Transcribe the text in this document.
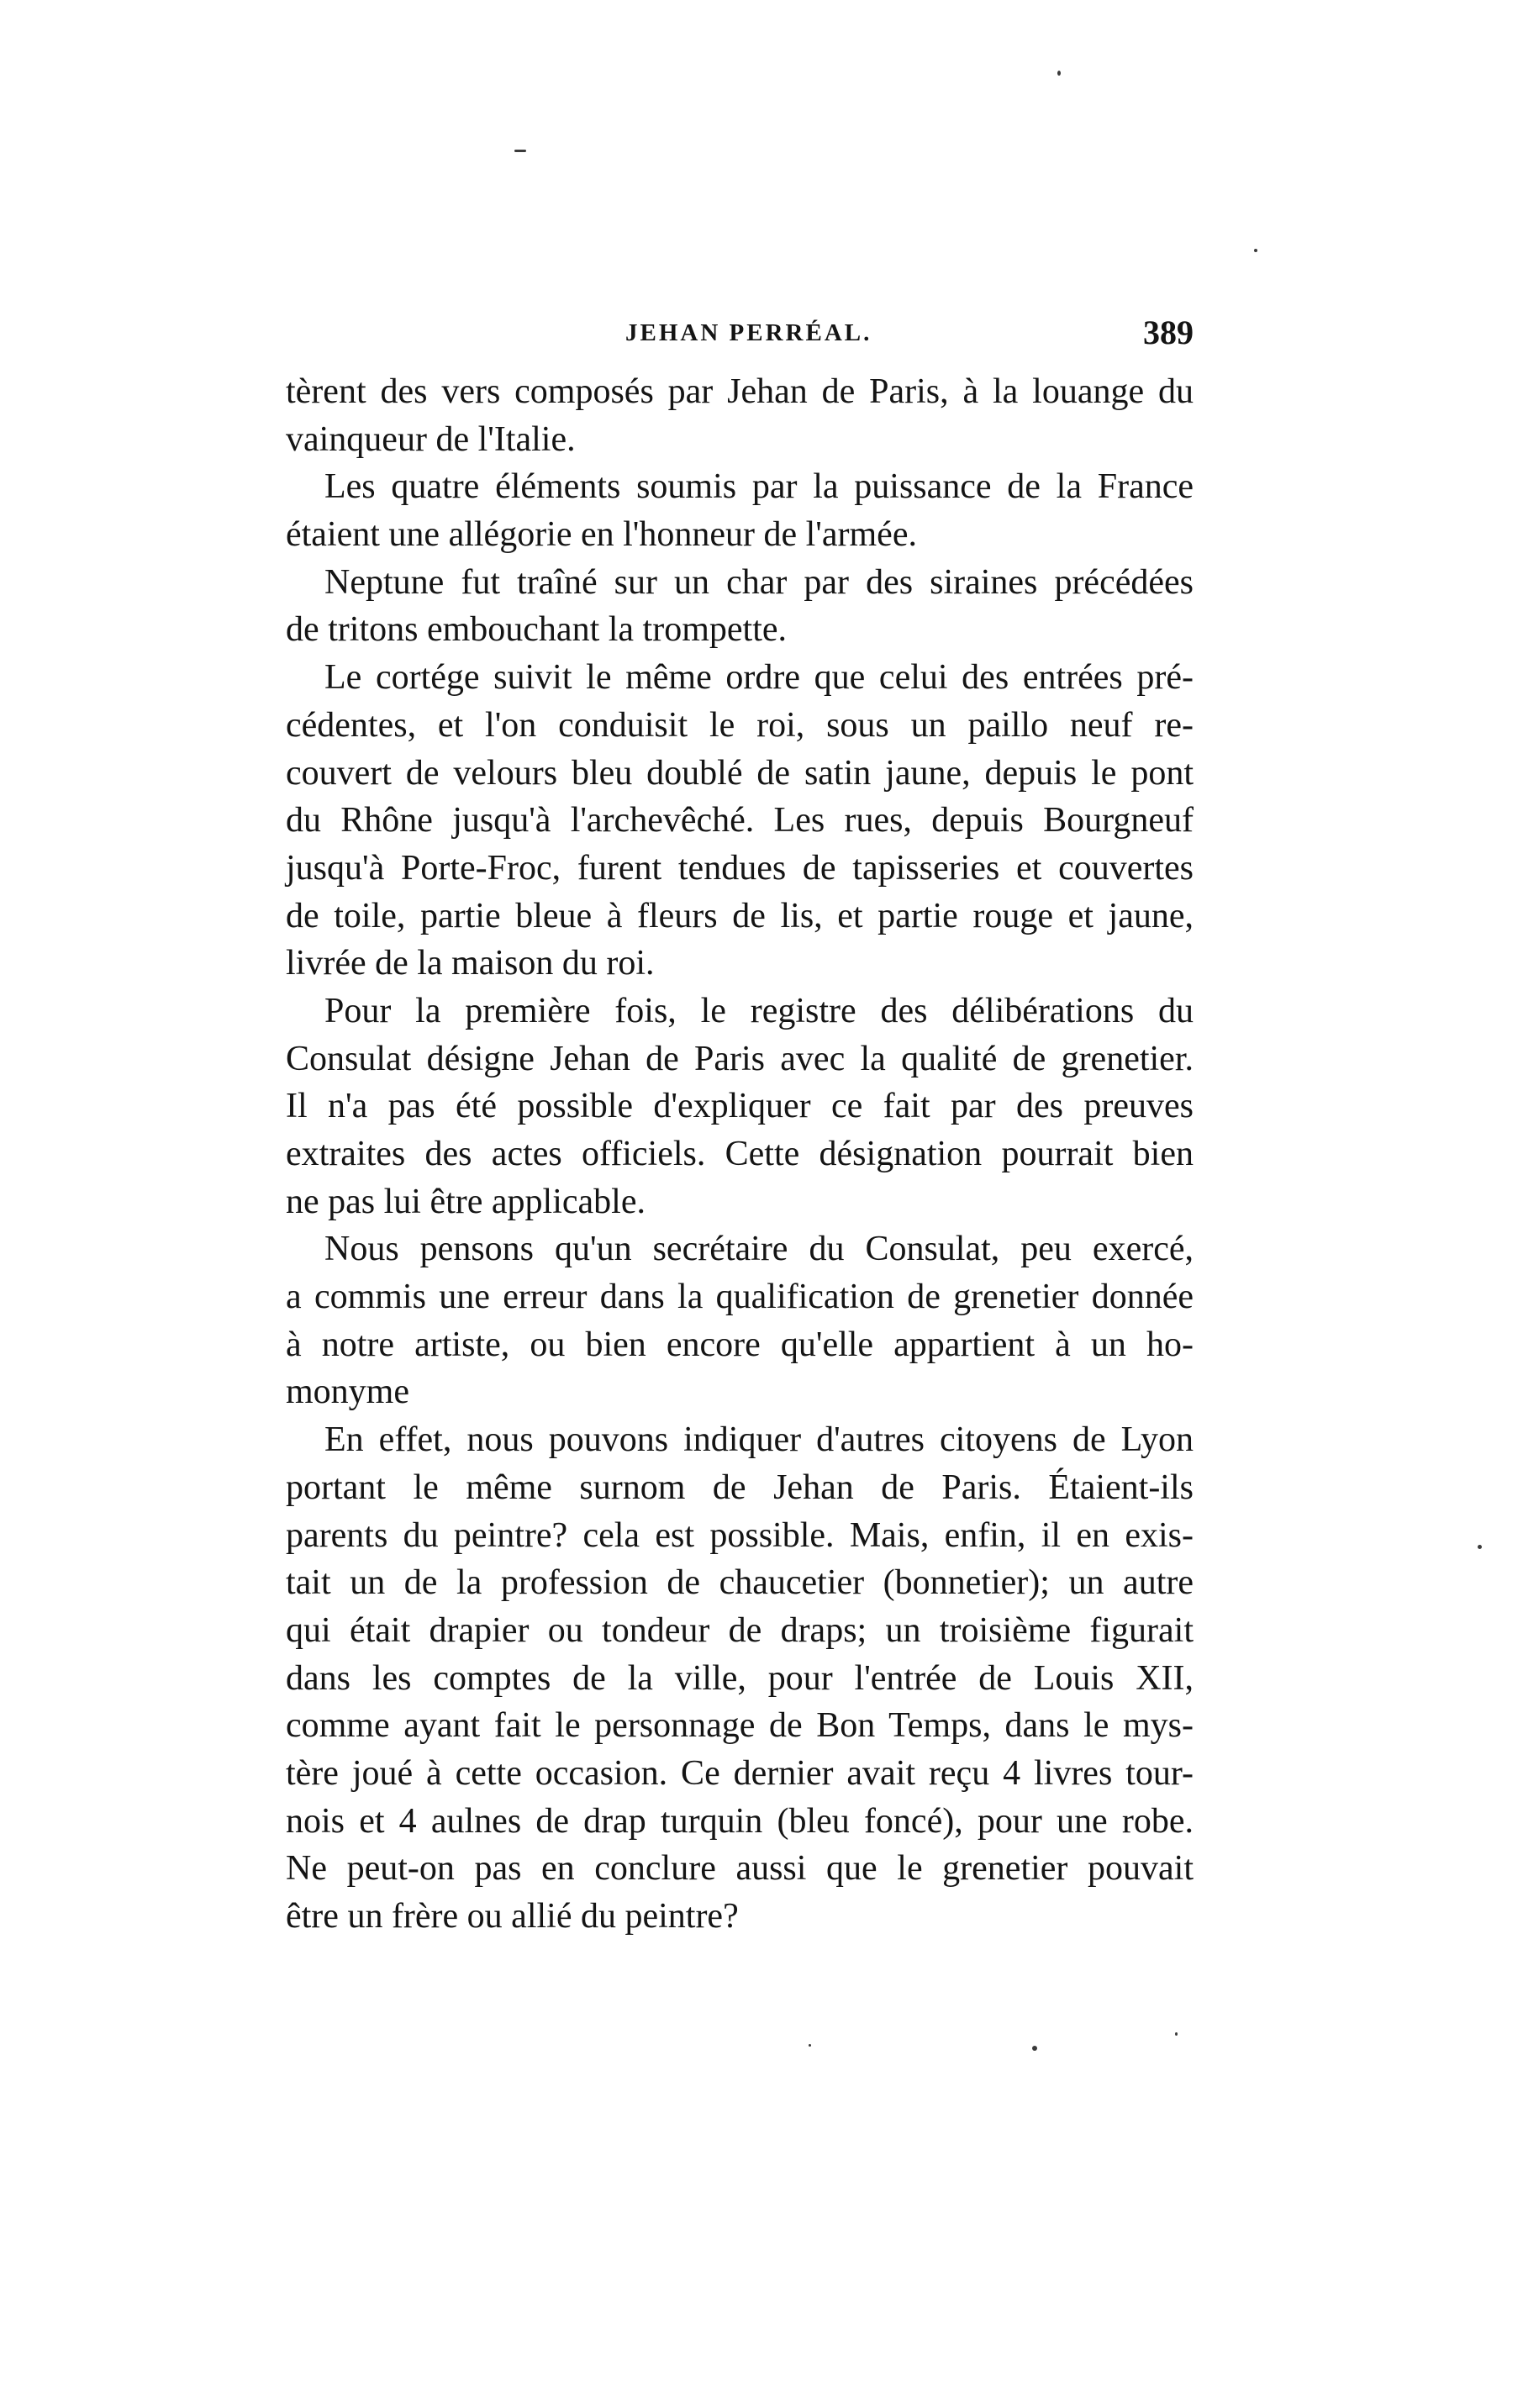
JEHAN PERRÉAL.	389

tèrent des vers composés par Jehan de Paris, à la louange du
vainqueur de l'Italie.

Les quatre éléments soumis par la puissance de la France
étaient une allégorie en l'honneur de l'armée.

Neptune fut traîné sur un char par des siraines précédées
de tritons embouchant la trompette.

Le cortége suivit le même ordre que celui des entrées pré-
cédentes, et l'on conduisit le roi, sous un paillo neuf re-
couvert de velours bleu doublé de satin jaune, depuis le pont
du Rhône jusqu'à l'archevêché. Les rues, depuis Bourgneuf
jusqu'à Porte-Froc, furent tendues de tapisseries et couvertes
de toile, partie bleue à fleurs de lis, et partie rouge et jaune,
livrée de la maison du roi.

Pour la première fois, le registre des délibérations du
Consulat désigne Jehan de Paris avec la qualité de grenetier.
Il n'a pas été possible d'expliquer ce fait par des preuves
extraites des actes officiels. Cette désignation pourrait bien
ne pas lui être applicable.

Nous pensons qu'un secrétaire du Consulat, peu exercé,
a commis une erreur dans la qualification de grenetier donnée
à notre artiste, ou bien encore qu'elle appartient à un ho-
monyme

En effet, nous pouvons indiquer d'autres citoyens de Lyon
portant le même surnom de Jehan de Paris. Étaient-ils
parents du peintre? cela est possible. Mais, enfin, il en exis-
tait un de la profession de chaucetier (bonnetier); un autre
qui était drapier ou tondeur de draps; un troisième figurait
dans les comptes de la ville, pour l'entrée de Louis XII,
comme ayant fait le personnage de Bon Temps, dans le mys-
tère joué à cette occasion. Ce dernier avait reçu 4 livres tour-
nois et 4 aulnes de drap turquin (bleu foncé), pour une robe.
Ne peut-on pas en conclure aussi que le grenetier pouvait
être un frère ou allié du peintre?
